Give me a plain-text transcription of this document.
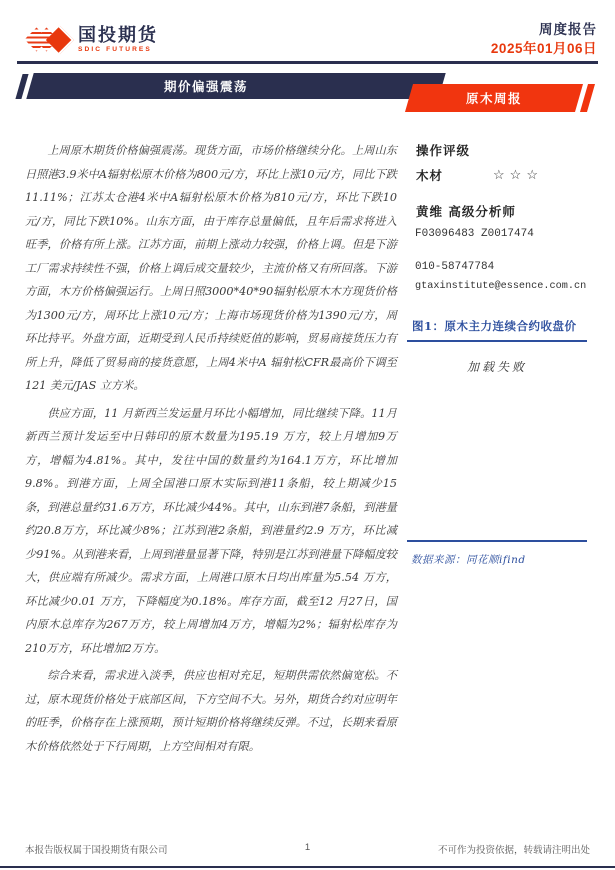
国投期货
SDIC FUTURES
周度报告
2025年01月06日
期价偏强震荡
原木周报

上周原木期货价格偏强震荡。现货方面，市场价格继续分化。上周山东日照港3.9米中A辐射松原木价格为800元/方，环比上涨10元/方，同比下跌11.11%；江苏太仓港4米中A辐射松原木价格为810元/方，环比下跌10 元/方，同比下跌10%。山东方面，由于库存总量偏低，且年后需求将进入旺季，价格有所上涨。江苏方面，前期上涨动力较强，价格上调。但是下游工厂需求持续性不强，价格上调后成交量较少，主流价格又有所回落。下游方面，木方价格偏强运行。上周日照3000*40*90辐射松原木木方现货价格为1300元/方，周环比上涨10元/方；上海市场现货价格为1390元/方，周环比持平。外盘方面，近期受到人民币持续贬值的影响，贸易商接货压力有所上升，降低了贸易商的接货意愿，上周4米中A 辐射松CFR最高价下调至121 美元/JAS 立方米。

供应方面，11 月新西兰发运量月环比小幅增加，同比继续下降。11月新西兰预计发运至中日韩印的原木数量为195.19 万方，较上月增加9万方，增幅为4.81%。其中，发往中国的数量约为164.1万方，环比增加9.8%。到港方面，上周全国港口原木实际到港11条船，较上期减少15 条，到港总量约31.6万方，环比减少44%。其中，山东到港7条船，到港量约20.8万方，环比减少8%；江苏到港2条船，到港量约2.9 万方，环比减少91%。从到港来看，上周到港量显著下降，特别是江苏到港量下降幅度较大，供应端有所减少。需求方面，上周港口原木日均出库量为5.54 万方，环比减少0.01 万方，下降幅度为0.18%。库存方面，截至12 月27日，国内原木总库存为267万方，较上周增加4万方，增幅为2%；辐射松库存为210万方，环比增加2万方。

综合来看，需求进入淡季，供应也相对充足，短期供需依然偏宽松。不过，原木现货价格处于底部区间，下方空间不大。另外，期货合约对应明年的旺季，价格存在上涨预期，预计短期价格将继续反弹。不过，长期来看原木价格依然处于下行周期，上方空间相对有限。

操作评级
木材	☆☆☆
黄维 高级分析师
F03096483 Z0017474
010-58747784
gtaxinstitute@essence.com.cn
图1：原木主力连续合约收盘价
加载失败
数据来源：同花顺ifind
本报告版权属于国投期货有限公司	1	不可作为投资依据，转载请注明出处
